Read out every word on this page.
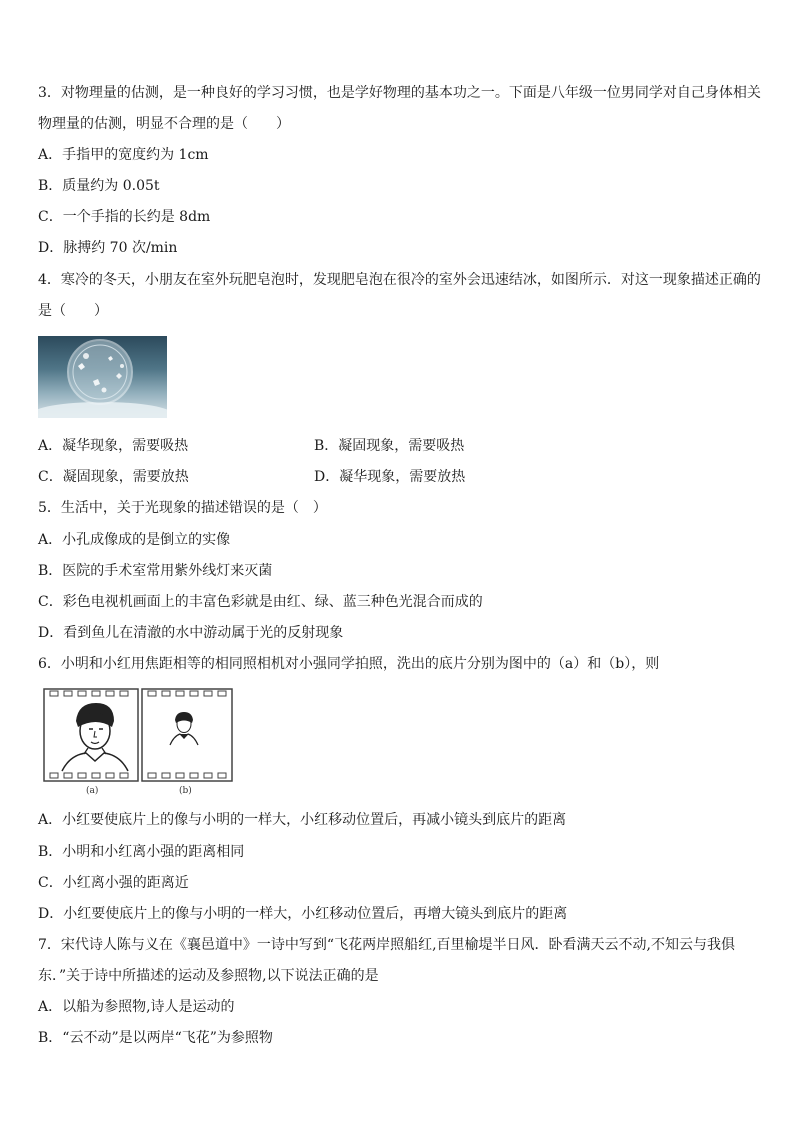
3．对物理量的估测，是一种良好的学习习惯，也是学好物理的基本功之一。下面是八年级一位男同学对自己身体相关
物理量的估测，明显不合理的是（　　）
A．手指甲的宽度约为 1cm
B．质量约为 0.05t
C．一个手指的长约是 8dm
D．脉搏约 70 次/min
4．寒冷的冬天，小朋友在室外玩肥皂泡时，发现肥皂泡在很冷的室外会迅速结冰，如图所示．对这一现象描述正确的
是（　　）
A．凝华现象，需要吸热	B．凝固现象，需要吸热
C．凝固现象，需要放热	D．凝华现象，需要放热
5．生活中，关于光现象的描述错误的是（　）
A．小孔成像成的是倒立的实像
B．医院的手术室常用紫外线灯来灭菌
C．彩色电视机画面上的丰富色彩就是由红、绿、蓝三种色光混合而成的
D．看到鱼儿在清澈的水中游动属于光的反射现象
6．小明和小红用焦距相等的相同照相机对小强同学拍照，洗出的底片分别为图中的（a）和（b），则
(a)	(b)
A．小红要使底片上的像与小明的一样大，小红移动位置后，再减小镜头到底片的距离
B．小明和小红离小强的距离相同
C．小红离小强的距离近
D．小红要使底片上的像与小明的一样大，小红移动位置后，再增大镜头到底片的距离
7．宋代诗人陈与义在《襄邑道中》一诗中写到“飞花两岸照船红,百里榆堤半日风．卧看满天云不动,不知云与我俱
东．”关于诗中所描述的运动及参照物,以下说法正确的是
A．以船为参照物,诗人是运动的
B．“云不动”是以两岸“飞花”为参照物
